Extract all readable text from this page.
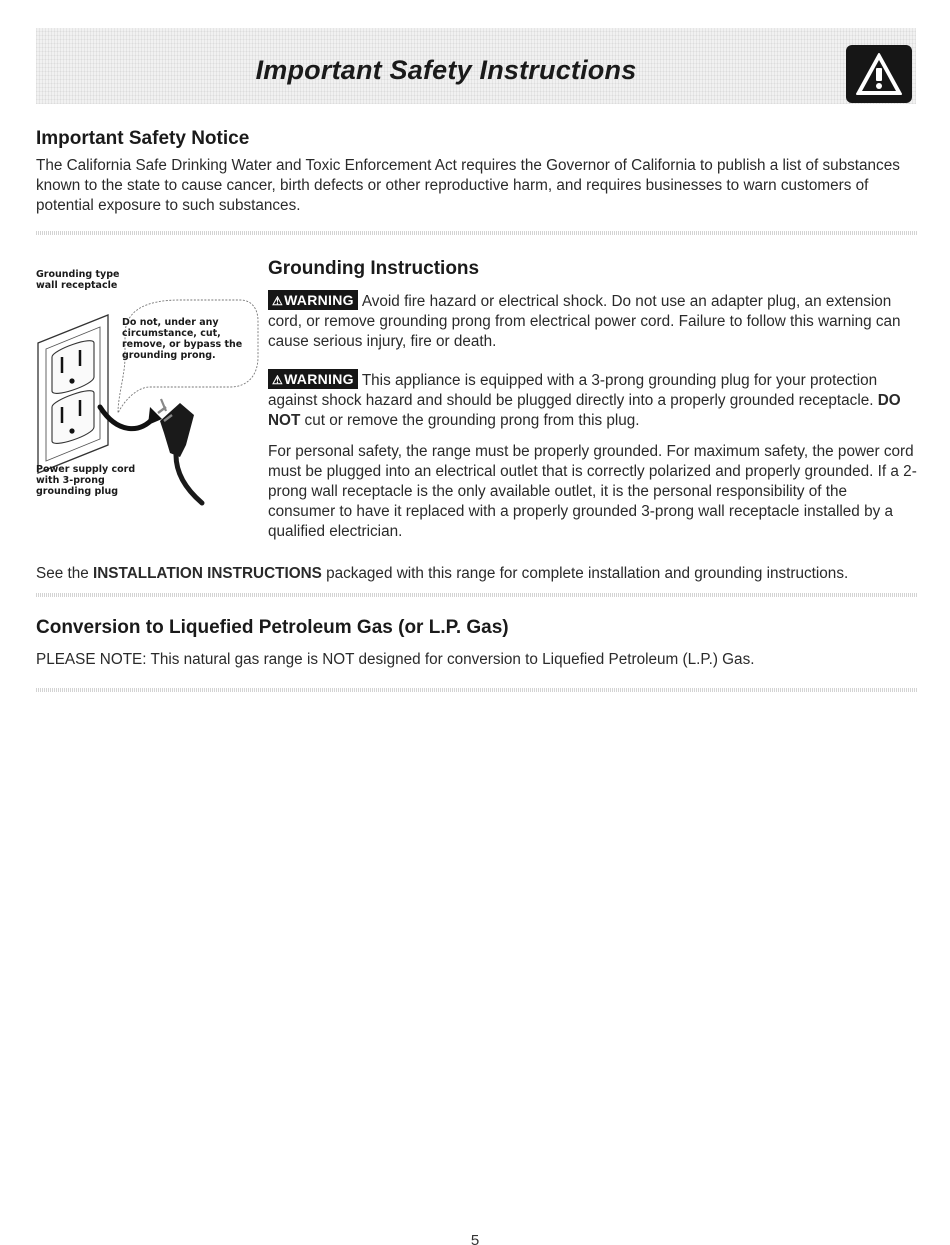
Important Safety Instructions
Important Safety Notice

The California Safe Drinking Water and Toxic Enforcement Act requires the Governor of California to publish a list of substances known to the state to cause cancer, birth defects or other reproductive harm, and requires businesses to warn customers of potential exposure to such substances.

Grounding type wall receptacle
Do not, under any circumstance, cut, remove, or bypass the grounding prong.
Power supply cord with 3-prong grounding plug
Grounding Instructions

⚠WARNING Avoid fire hazard or electrical shock. Do not use an adapter plug, an extension cord, or remove grounding prong from electrical power cord. Failure to follow this warning can cause serious injury, fire or death.

⚠WARNING This appliance is equipped with a 3-prong grounding plug for your protection against shock hazard and should be plugged directly into a properly grounded receptacle. DO NOT cut or remove the grounding prong from this plug.

For personal safety, the range must be properly grounded. For maximum safety, the power cord must be plugged into an electrical outlet that is correctly polarized and properly grounded. If a 2-prong wall receptacle is the only available outlet, it is the personal responsibility of the consumer to have it replaced with a properly grounded 3-prong wall receptacle installed by a qualified electrician.

See the INSTALLATION INSTRUCTIONS packaged with this range for complete installation and grounding instructions.

Conversion to Liquefied Petroleum Gas (or L.P. Gas)

PLEASE NOTE: This natural gas range is NOT designed for conversion to Liquefied Petroleum (L.P.) Gas.

5
